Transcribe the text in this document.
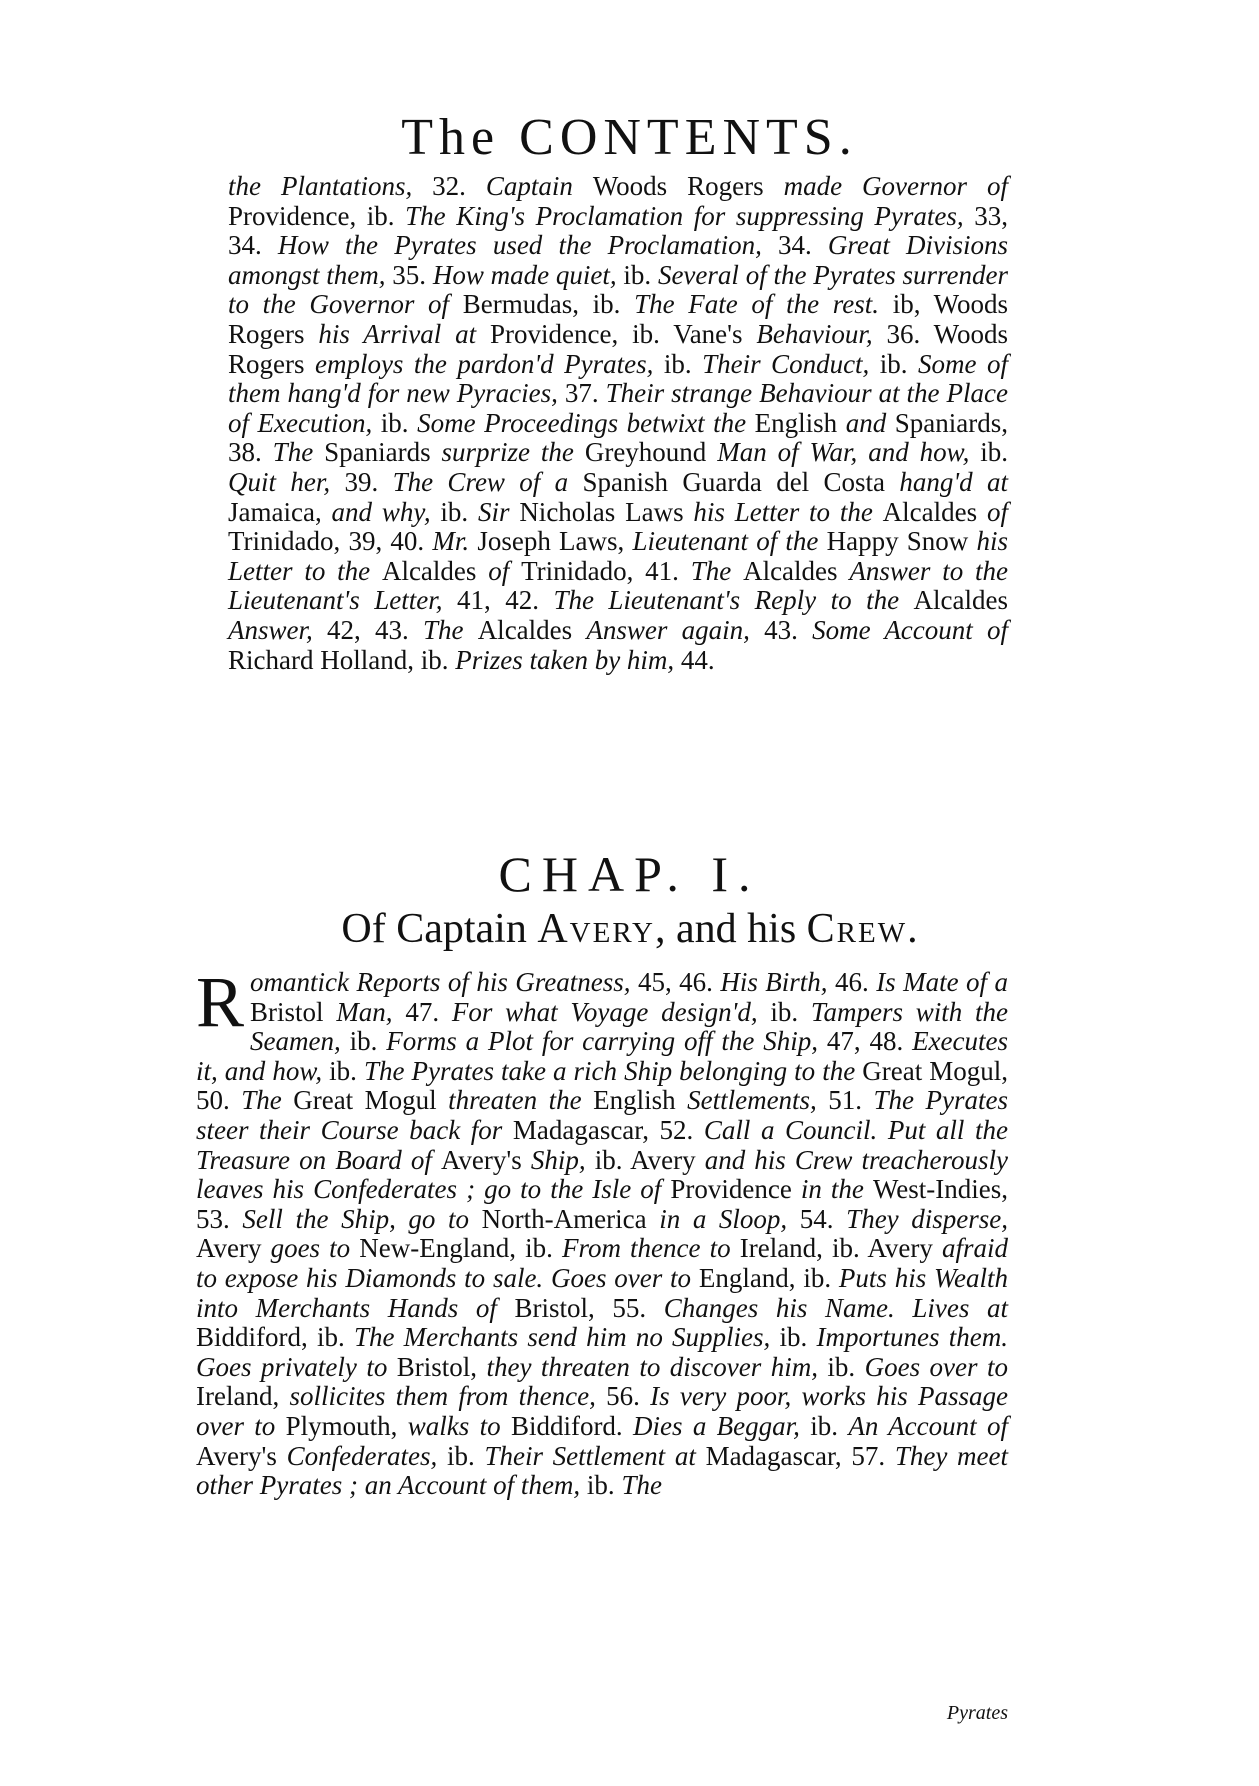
The CONTENTS.
the Plantations, 32. Captain Woods Rogers made Governor of Providence, ib. The King's Proclamation for suppressing Pyrates, 33, 34. How the Pyrates used the Proclamation, 34. Great Divisions amongst them, 35. How made quiet, ib. Several of the Pyrates surrender to the Governor of Bermudas, ib. The Fate of the rest. ib, Woods Rogers his Arrival at Providence, ib. Vane's Behaviour, 36. Woods Rogers employs the pardon'd Pyrates, ib. Their Conduct, ib. Some of them hang'd for new Pyracies, 37. Their strange Behaviour at the Place of Execution, ib. Some Proceedings betwixt the English and Spaniards, 38. The Spaniards surprize the Greyhound Man of War, and how, ib. Quit her, 39. The Crew of a Spanish Guarda del Costa hang'd at Jamaica, and why, ib. Sir Nicholas Laws his Letter to the Alcaldes of Trinidado, 39, 40. Mr. Joseph Laws, Lieutenant of the Happy Snow his Letter to the Alcaldes of Trinidado, 41. The Alcaldes Answer to the Lieutenant's Letter, 41, 42. The Lieutenant's Reply to the Alcaldes Answer, 42, 43. The Alcaldes Answer again, 43. Some Account of Richard Holland, ib. Prizes taken by him, 44.
CHAP. I.
Of Captain Avery, and his Crew.
R omantick Reports of his Greatness, 45, 46. His Birth, 46. Is Mate of a Bristol Man, 47. For what Voyage design'd, ib. Tampers with the Seamen, ib. Forms a Plot for carrying off the Ship, 47, 48. Executes it, and how, ib. The Pyrates take a rich Ship belonging to the Great Mogul, 50. The Great Mogul threaten the English Settlements, 51. The Pyrates steer their Course back for Madagascar, 52. Call a Council. Put all the Treasure on Board of Avery's Ship, ib. Avery and his Crew treacherously leaves his Confederates ; go to the Isle of Providence in the West-Indies, 53. Sell the Ship, go to North-America in a Sloop, 54. They disperse, Avery goes to New-England, ib. From thence to Ireland, ib. Avery afraid to expose his Diamonds to sale. Goes over to England, ib. Puts his Wealth into Merchants Hands of Bristol, 55. Changes his Name. Lives at Biddiford, ib. The Merchants send him no Supplies, ib. Importunes them. Goes privately to Bristol, they threaten to discover him, ib. Goes over to Ireland, sollicites them from thence, 56. Is very poor, works his Passage over to Plymouth, walks to Biddiford. Dies a Beggar, ib. An Account of Avery's Confederates, ib. Their Settlement at Madagascar, 57. They meet other Pyrates ; an Account of them, ib. The
Pyrates
